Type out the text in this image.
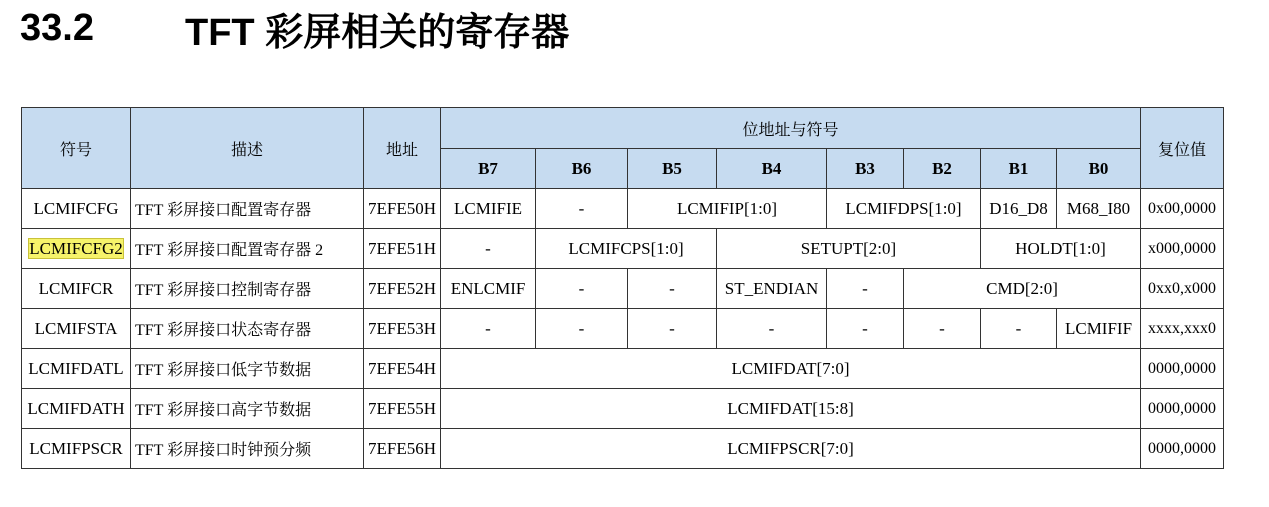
33.2	TFT 彩屏相关的寄存器
符号	描述	地址	位地址与符号								复位值
			B7	B6	B5	B4	B3	B2	B1	B0	
LCMIFCFG	TFT 彩屏接口配置寄存器	7EFE50H	LCMIFIE	-	LCMIFIP[1:0]		LCMIFDPS[1:0]		D16_D8	M68_I80	0x00,0000
LCMIFCFG2	TFT 彩屏接口配置寄存器 2	7EFE51H	-	LCMIFCPS[1:0]		SETUPT[2:0]			HOLDT[1:0]		x000,0000
LCMIFCR	TFT 彩屏接口控制寄存器	7EFE52H	ENLCMIF	-	-	ST_ENDIAN	-	CMD[2:0]			0xx0,x000
LCMIFSTA	TFT 彩屏接口状态寄存器	7EFE53H	-	-	-	-	-	-	-	LCMIFIF	xxxx,xxx0
LCMIFDATL	TFT 彩屏接口低字节数据	7EFE54H	LCMIFDAT[7:0]								0000,0000
LCMIFDATH	TFT 彩屏接口高字节数据	7EFE55H	LCMIFDAT[15:8]								0000,0000
LCMIFPSCR	TFT 彩屏接口时钟预分频	7EFE56H	LCMIFPSCR[7:0]								0000,0000
